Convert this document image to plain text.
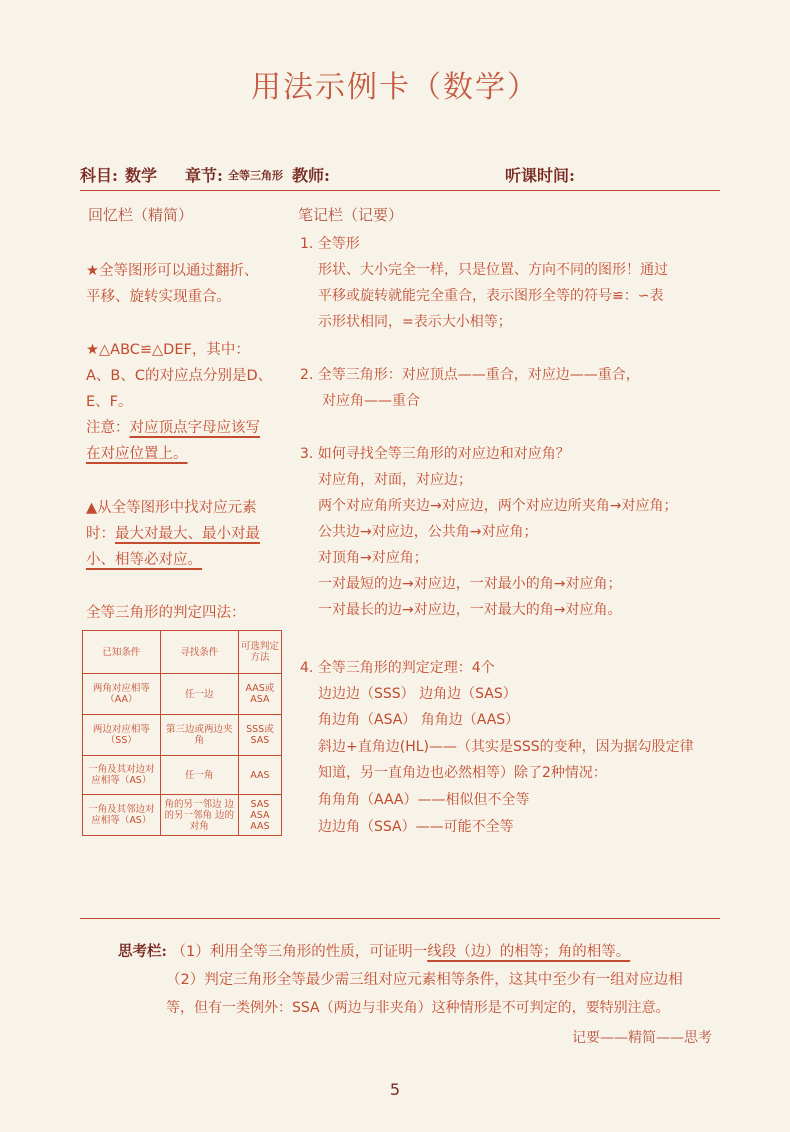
用法示例卡（数学）
科目: 数学 章节: 全等三角形 教师:	听课时间:
回忆栏（精简）	笔记栏（记要）

★全等图形可以通过翻折、

平移、旋转实现重合。

★△ABC≌△DEF，其中：

A、B、C的对应点分别是D、

E、F。

注意：对应顶点字母应该写

在对应位置上。

▲从全等图形中找对应元素

时：最大对最大、最小对最

小、相等必对应。

全等三角形的判定四法：
已知条件	寻找条件	可选判定方法
两角对应相等（AA）	任一边	AAS或ASA
两边对应相等（SS）	第三边或两边夹角	SSS或SAS
一角及其对边对应相等（AS）	任一角	AAS
一角及其邻边对应相等（AS）	角的另一邻边 边的另一邻角 边的对角	SAS ASA AAS
1. 全等形
形状、大小完全一样，只是位置、方向不同的图形！通过
平移或旋转就能完全重合，表示图形全等的符号≌：∽表
示形状相同，=表示大小相等；
2. 全等三角形：对应顶点——重合，对应边——重合，
对应角——重合
3. 如何寻找全等三角形的对应边和对应角？
对应角，对面，对应边；
两个对应角所夹边→对应边，两个对应边所夹角→对应角；
公共边→对应边，公共角→对应角；
对顶角→对应角；
一对最短的边→对应边，一对最小的角→对应角；
一对最长的边→对应边，一对最大的角→对应角。
4. 全等三角形的判定定理：4个
边边边（SSS） 边角边（SAS）
角边角（ASA） 角角边（AAS）
斜边+直角边(HL)——（其实是SSS的变种，因为据勾股定律
知道，另一直角边也必然相等）除了2种情况：
角角角（AAA）——相似但不全等
边边角（SSA）——可能不全等
思考栏: （1）利用全等三角形的性质，可证明一线段（边）的相等；角的相等。
（2）判定三角形全等最少需三组对应元素相等条件，这其中至少有一组对应边相
等，但有一类例外：SSA（两边与非夹角）这种情形是不可判定的，要特别注意。
记要——精简——思考
5
